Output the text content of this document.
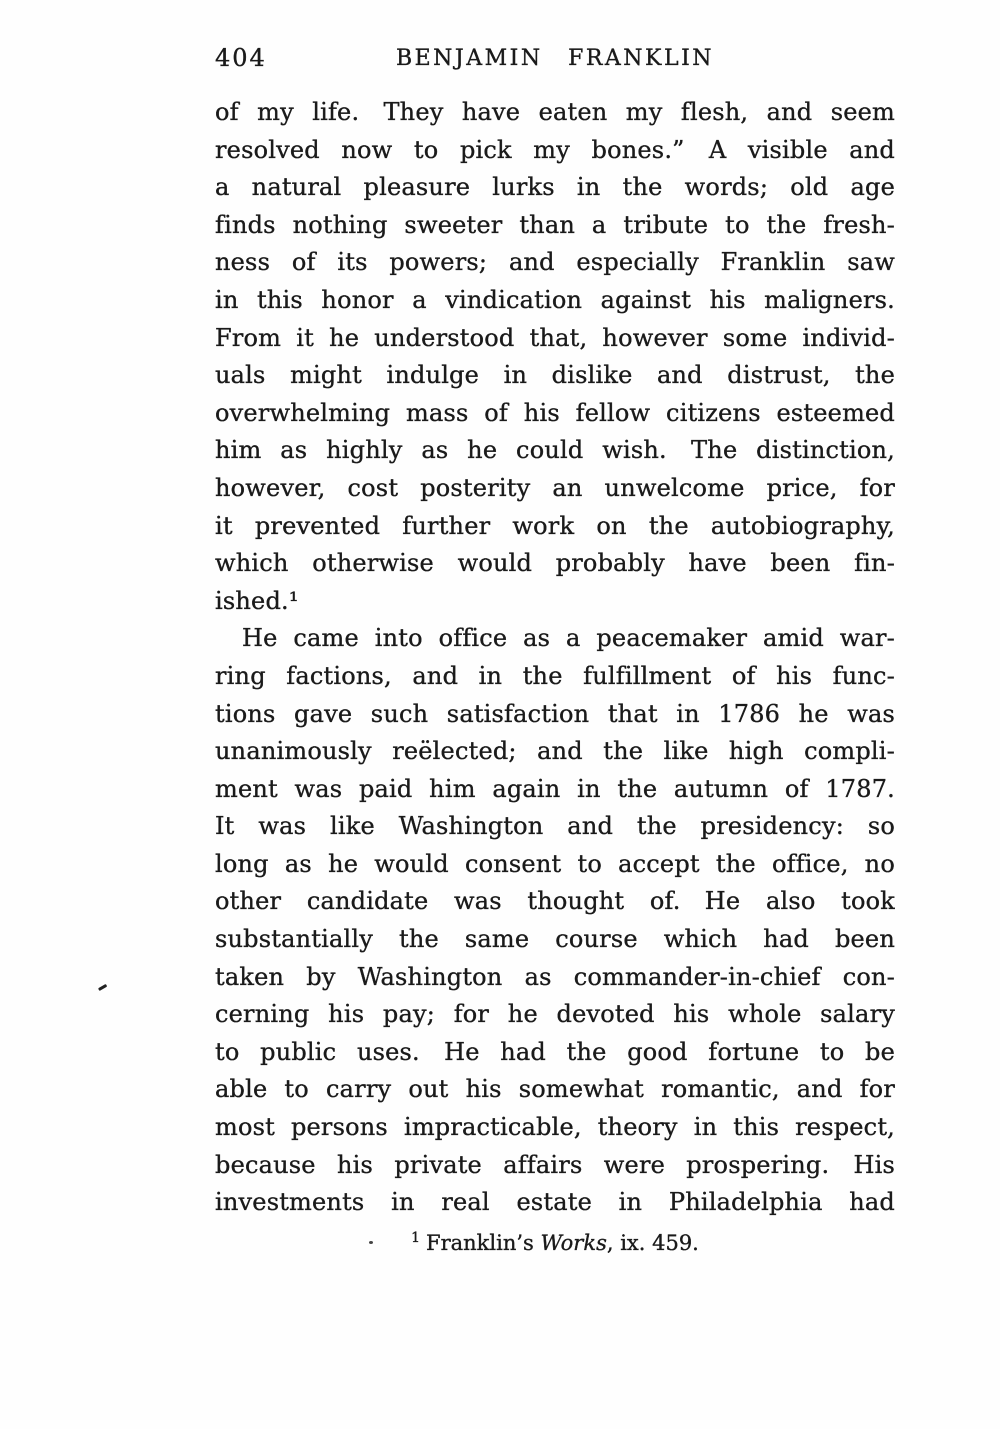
404	BENJAMIN FRANKLIN
of my life. They have eaten my flesh, and seem
resolved now to pick my bones.” A visible and
a natural pleasure lurks in the words; old age
finds nothing sweeter than a tribute to the fresh-
ness of its powers; and especially Franklin saw
in this honor a vindication against his maligners.
From it he understood that, however some individ-
uals might indulge in dislike and distrust, the
overwhelming mass of his fellow citizens esteemed
him as highly as he could wish. The distinction,
however, cost posterity an unwelcome price, for
it prevented further work on the autobiography,
which otherwise would probably have been fin-
ished.¹
He came into office as a peacemaker amid war-
ring factions, and in the fulfillment of his func-
tions gave such satisfaction that in 1786 he was
unanimously reëlected; and the like high compli-
ment was paid him again in the autumn of 1787.
It was like Washington and the presidency: so
long as he would consent to accept the office, no
other candidate was thought of. He also took
substantially the same course which had been
taken by Washington as commander-in-chief con-
cerning his pay; for he devoted his whole salary
to public uses. He had the good fortune to be
able to carry out his somewhat romantic, and for
most persons impracticable, theory in this respect,
because his private affairs were prospering. His
investments in real estate in Philadelphia had
$^1$ Franklin’s Works, ix. 459.
